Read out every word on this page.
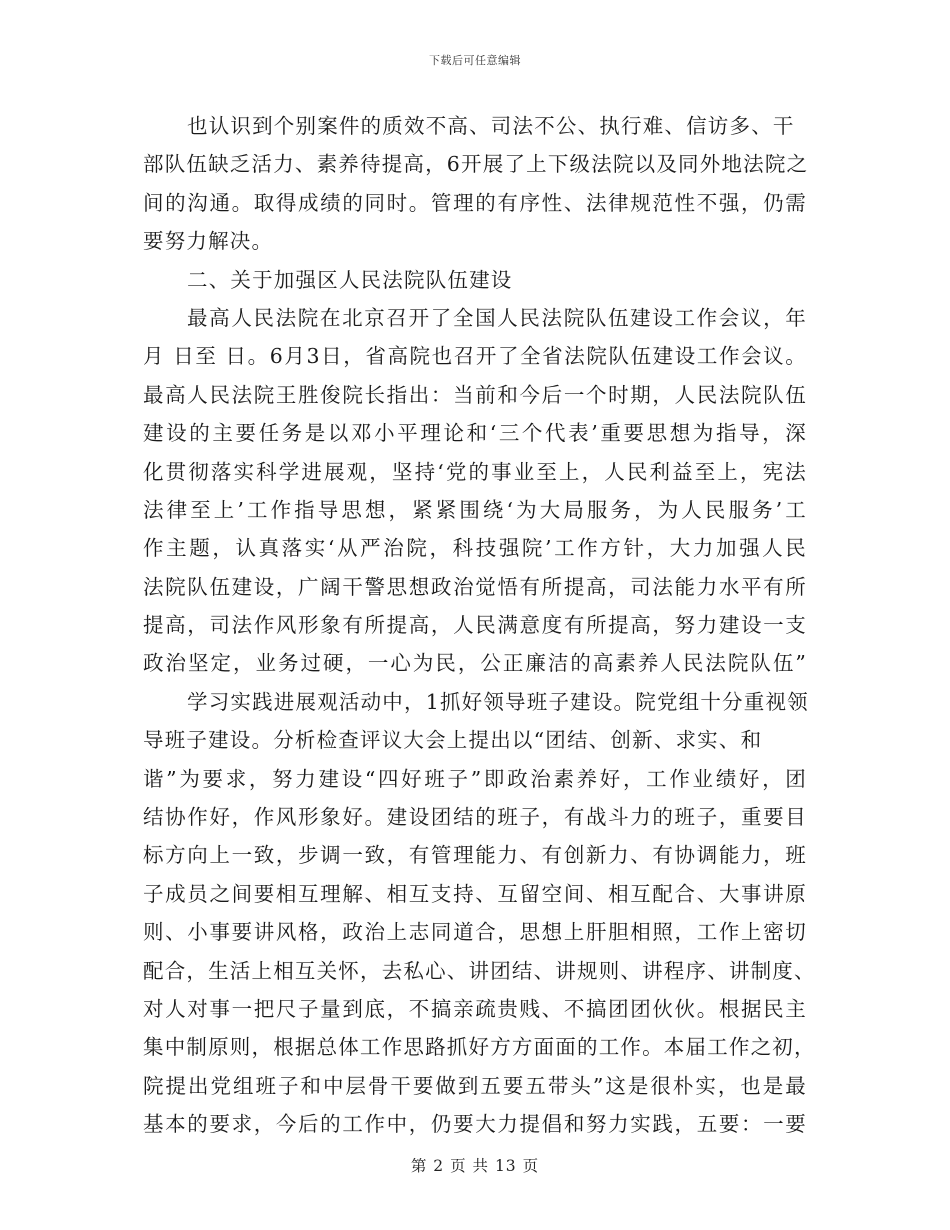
下载后可任意编辑
也认识到个别案件的质效不高、司法不公、执行难、信访多、干
部队伍缺乏活力、素养待提高，6开展了上下级法院以及同外地法院之
间的沟通。取得成绩的同时。管理的有序性、法律规范性不强，仍需
要努力解决。
二、关于加强区人民法院队伍建设
最高人民法院在北京召开了全国人民法院队伍建设工作会议，年
月 日至 日。6月3日，省高院也召开了全省法院队伍建设工作会议。
最高人民法院王胜俊院长指出：当前和今后一个时期，人民法院队伍
建设的主要任务是以邓小平理论和‘三个代表’重要思想为指导，深
化贯彻落实科学进展观，坚持‘党的事业至上，人民利益至上，宪法
法律至上’工作指导思想，紧紧围绕‘为大局服务，为人民服务’工
作主题，认真落实‘从严治院，科技强院’工作方针，大力加强人民
法院队伍建设，广阔干警思想政治觉悟有所提高，司法能力水平有所
提高，司法作风形象有所提高，人民满意度有所提高，努力建设一支
政治坚定，业务过硬，一心为民，公正廉洁的高素养人民法院队伍”
学习实践进展观活动中，1抓好领导班子建设。院党组十分重视领
导班子建设。分析检查评议大会上提出以“团结、创新、求实、和
谐”为要求，努力建设“四好班子”即政治素养好，工作业绩好，团
结协作好，作风形象好。建设团结的班子，有战斗力的班子，重要目
标方向上一致，步调一致，有管理能力、有创新力、有协调能力，班
子成员之间要相互理解、相互支持、互留空间、相互配合、大事讲原
则、小事要讲风格，政治上志同道合，思想上肝胆相照，工作上密切
配合，生活上相互关怀，去私心、讲团结、讲规则、讲程序、讲制度、
对人对事一把尺子量到底，不搞亲疏贵贱、不搞团团伙伙。根据民主
集中制原则，根据总体工作思路抓好方方面面的工作。本届工作之初，
院提出党组班子和中层骨干要做到五要五带头”这是很朴实，也是最
基本的要求，今后的工作中，仍要大力提倡和努力实践，五要：一要
第 2 页 共 13 页
